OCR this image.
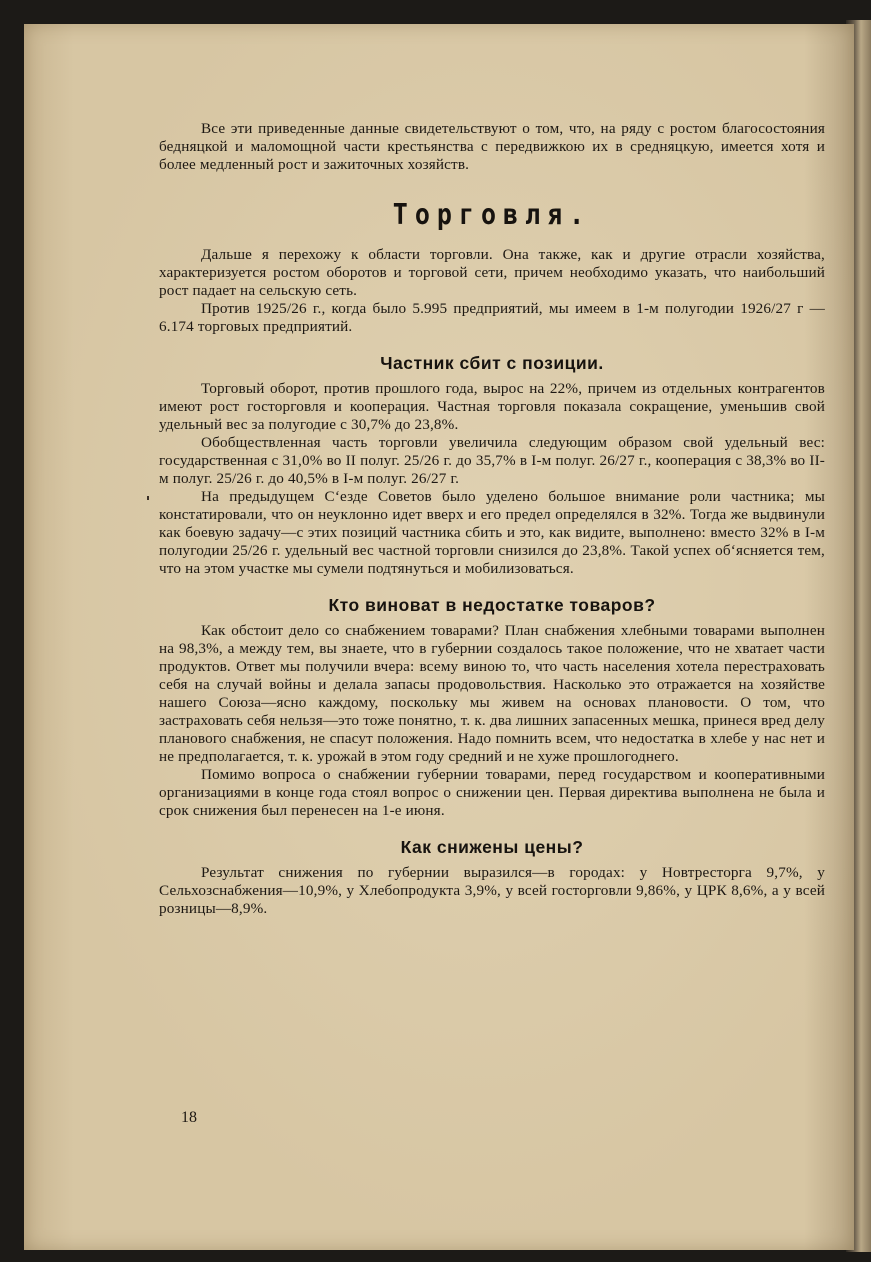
Все эти приведенные данные свидетельствуют о том, что, на ряду с ростом благосостояния бедняцкой и маломощной части крестьянства с передвижкою их в средняцкую, имеется хотя и более медленный рост и зажиточных хозяйств.

Торговля.

Дальше я перехожу к области торговли. Она также, как и другие отрасли хозяйства, характеризуется ростом оборотов и торговой сети, причем необходимо указать, что наибольший рост падает на сельскую сеть.

Против 1925/26 г., когда было 5.995 предприятий, мы имеем в 1-м полугодии 1926/27 г —6.174 торговых предприятий.

Частник сбит с позиции.

Торговый оборот, против прошлого года, вырос на 22%, причем из отдельных контрагентов имеют рост госторговля и кооперация. Частная торговля показала сокращение, уменьшив свой удельный вес за полугодие с 30,7% до 23,8%.

Обобществленная часть торговли увеличила следующим образом свой удельный вес: государственная с 31,0% во II полуг. 25/26 г. до 35,7% в I-м полуг. 26/27 г., кооперация с 38,3% во II-м полуг. 25/26 г. до 40,5% в I-м полуг. 26/27 г.

На предыдущем С‘езде Советов было уделено большое внимание роли частника; мы констатировали, что он неуклонно идет вверх и его предел определялся в 32%. Тогда же выдвинули как боевую задачу—с этих позиций частника сбить и это, как видите, выполнено: вместо 32% в I-м полугодии 25/26 г. удельный вес частной торговли снизился до 23,8%. Такой успех об‘ясняется тем, что на этом участке мы сумели подтянуться и мобилизоваться.

Кто виноват в недостатке товаров?

Как обстоит дело со снабжением товарами? План снабжения хлебными товарами выполнен на 98,3%, а между тем, вы знаете, что в губернии создалось такое положение, что не хватает части продуктов. Ответ мы получили вчера: всему виною то, что часть населения хотела перестраховать себя на случай войны и делала запасы продовольствия. Насколько это отражается на хозяйстве нашего Союза—ясно каждому, поскольку мы живем на основах плановости. О том, что застраховать себя нельзя—это тоже понятно, т. к. два лишних запасенных мешка, принеся вред делу планового снабжения, не спасут положения. Надо помнить всем, что недостатка в хлебе у нас нет и не предполагается, т. к. урожай в этом году средний и не хуже прошлогоднего.

Помимо вопроса о снабжении губернии товарами, перед государством и кооперативными организациями в конце года стоял вопрос о снижении цен. Первая директива выполнена не была и срок снижения был перенесен на 1-е июня.

Как снижены цены?

Результат снижения по губернии выразился—в городах: у Новтресторга 9,7%, у Сельхозснабжения—10,9%, у Хлебопродукта 3,9%, у всей госторговли 9,86%, у ЦРК 8,6%, а у всей розницы—8,9%.

18
